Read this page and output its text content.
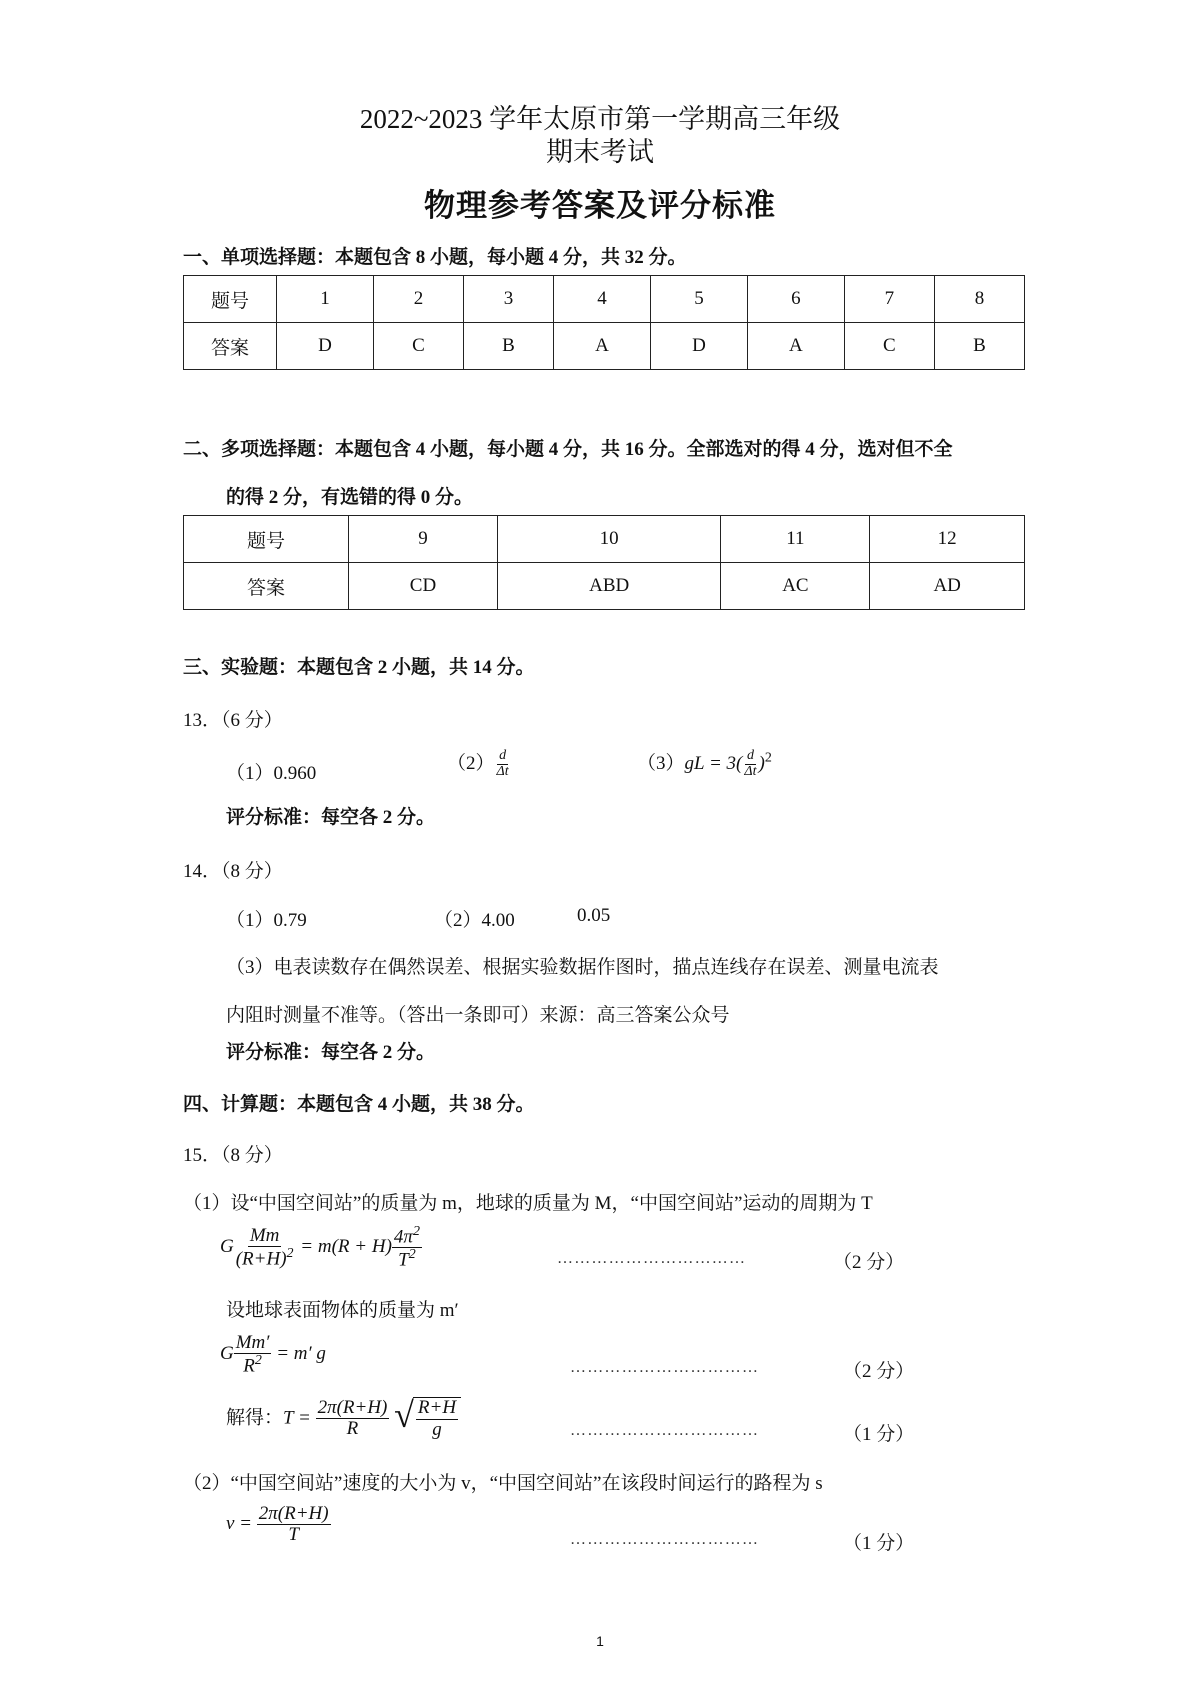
2022~2023 学年太原市第一学期高三年级
期末考试
物理参考答案及评分标准
一、单项选择题：本题包含 8 小题，每小题 4 分，共 32 分。
题号	1	2	3	4	5	6	7	8
答案	D	C	B	A	D	A	C	B
二、多项选择题：本题包含 4 小题，每小题 4 分，共 16 分。全部选对的得 4 分，选对但不全
的得 2 分，有选错的得 0 分。
题号	9	10	11	12
答案	CD	ABD	AC	AD
三、实验题：本题包含 2 小题，共 14 分。
13．（6 分）
（1）0.960	$(2) \frac{d}{\Delta t}$	$(3)gL = 3( \frac{d}{\Delta t} )^2$
评分标准：每空各 2 分。
14．（8 分）
（1）0.79	（2）4.00	0.05
（3）电表读数存在偶然误差、根据实验数据作图时，描点连线存在误差、测量电流表
内阻时测量不准等。（答出一条即可）来源：高三答案公众号
评分标准：每空各 2 分。
四、计算题：本题包含 4 小题，共 38 分。
15．（8 分）
（1）设“中国空间站”的质量为 m，地球的质量为 M，“中国空间站”运动的周期为 T
G $\frac{Mm}{(R+H)^2} = m(R + H) \frac{4\pi^2}{T^2}$	……………………………	（2 分）
设地球表面物体的质量为 m′
G $\frac{Mm'}{R^2} = m'$ g
……………………………	（2 分）
解得：$T = \frac{2\pi(R+H)}{R}$
√ $\frac{R+H}{g}$	……………………………	（1 分）
（2）“中国空间站”速度的大小为 v，“中国空间站”在该段时间运行的路程为 s
$v = \frac{2\pi(R+H)}{T}$	……………………………	（1 分）
1
